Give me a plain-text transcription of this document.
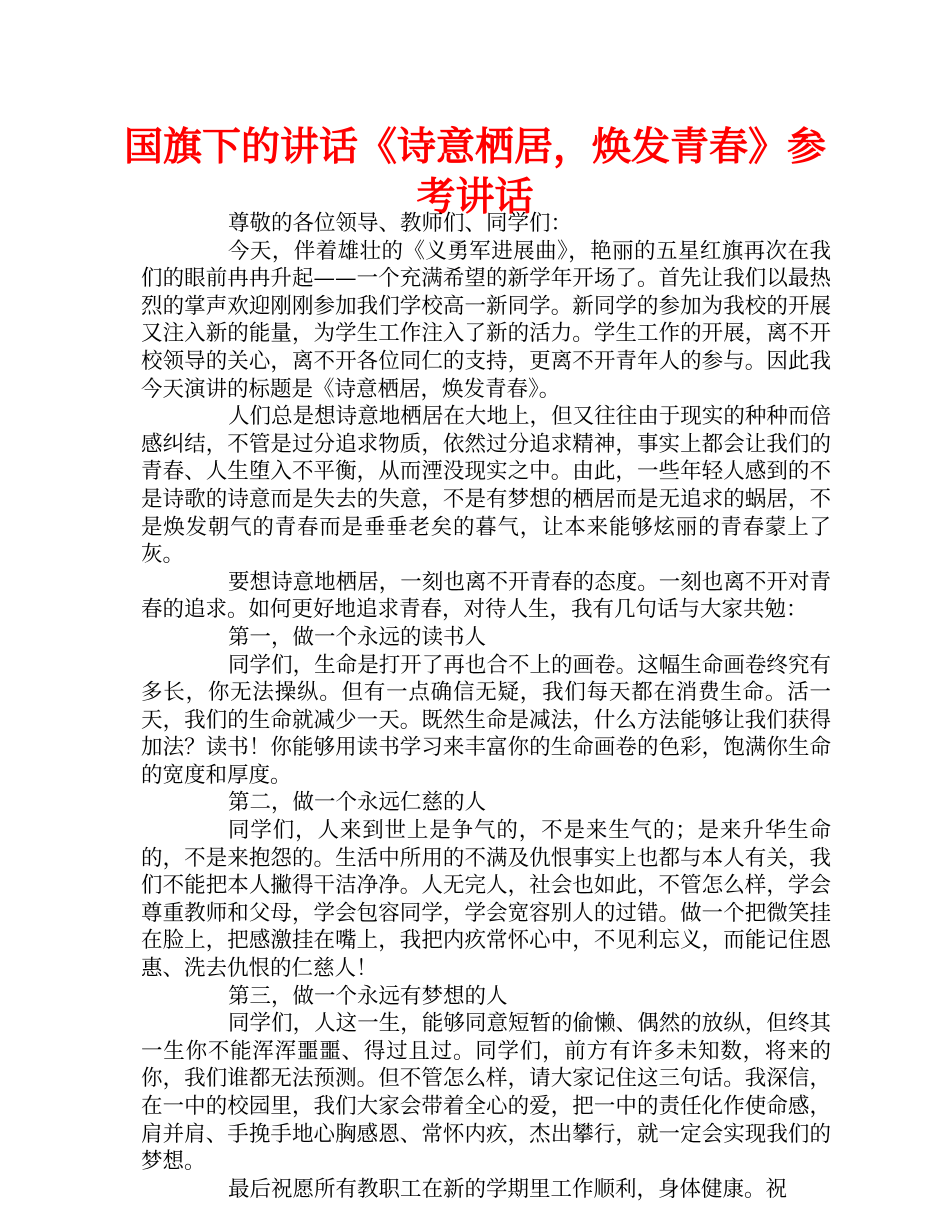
国旗下的讲话《诗意栖居，焕发青春》参考讲话

尊敬的各位领导、教师们、同学们：

今天，伴着雄壮的《义勇军进展曲》，艳丽的五星红旗再次在我们的眼前冉冉升起——一个充满希望的新学年开场了。首先让我们以最热烈的掌声欢迎刚刚参加我们学校高一新同学。新同学的参加为我校的开展又注入新的能量，为学生工作注入了新的活力。学生工作的开展，离不开校领导的关心，离不开各位同仁的支持，更离不开青年人的参与。因此我今天演讲的标题是《诗意栖居，焕发青春》。

人们总是想诗意地栖居在大地上，但又往往由于现实的种种而倍感纠结，不管是过分追求物质，依然过分追求精神，事实上都会让我们的青春、人生堕入不平衡，从而湮没现实之中。由此，一些年轻人感到的不是诗歌的诗意而是失去的失意，不是有梦想的栖居而是无追求的蜗居，不是焕发朝气的青春而是垂垂老矣的暮气，让本来能够炫丽的青春蒙上了灰。

要想诗意地栖居，一刻也离不开青春的态度。一刻也离不开对青春的追求。如何更好地追求青春，对待人生，我有几句话与大家共勉：

第一，做一个永远的读书人

同学们，生命是打开了再也合不上的画卷。这幅生命画卷终究有多长，你无法操纵。但有一点确信无疑，我们每天都在消费生命。活一天，我们的生命就减少一天。既然生命是减法，什么方法能够让我们获得加法？读书！你能够用读书学习来丰富你的生命画卷的色彩，饱满你生命的宽度和厚度。

第二，做一个永远仁慈的人

同学们，人来到世上是争气的，不是来生气的；是来升华生命的，不是来抱怨的。生活中所用的不满及仇恨事实上也都与本人有关，我们不能把本人撇得干洁净净。人无完人，社会也如此，不管怎么样，学会尊重教师和父母，学会包容同学，学会宽容别人的过错。做一个把微笑挂在脸上，把感激挂在嘴上，我把内疚常怀心中，不见利忘义，而能记住恩惠、洗去仇恨的仁慈人！

第三，做一个永远有梦想的人

同学们，人这一生，能够同意短暂的偷懒、偶然的放纵，但终其一生你不能浑浑噩噩、得过且过。同学们，前方有许多未知数，将来的你，我们谁都无法预测。但不管怎么样，请大家记住这三句话。我深信，在一中的校园里，我们大家会带着全心的爱，把一中的责任化作使命感，肩并肩、手挽手地心胸感恩、常怀内疚，杰出攀行，就一定会实现我们的梦想。

最后祝愿所有教职工在新的学期里工作顺利，身体健康。祝
